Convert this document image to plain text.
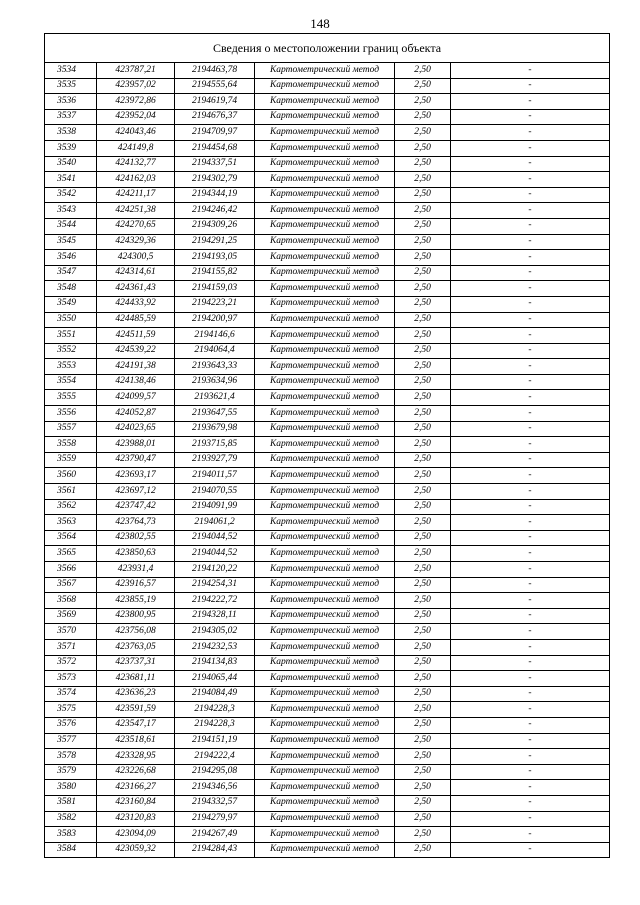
148
Сведения о местоположении границ объекта					
3534	423787,21	2194463,78	Картометрический метод	2,50	-
3535	423957,02	2194555,64	Картометрический метод	2,50	-
3536	423972,86	2194619,74	Картометрический метод	2,50	-
3537	423952,04	2194676,37	Картометрический метод	2,50	-
3538	424043,46	2194709,97	Картометрический метод	2,50	-
3539	424149,8	2194454,68	Картометрический метод	2,50	-
3540	424132,77	2194337,51	Картометрический метод	2,50	-
3541	424162,03	2194302,79	Картометрический метод	2,50	-
3542	424211,17	2194344,19	Картометрический метод	2,50	-
3543	424251,38	2194246,42	Картометрический метод	2,50	-
3544	424270,65	2194309,26	Картометрический метод	2,50	-
3545	424329,36	2194291,25	Картометрический метод	2,50	-
3546	424300,5	2194193,05	Картометрический метод	2,50	-
3547	424314,61	2194155,82	Картометрический метод	2,50	-
3548	424361,43	2194159,03	Картометрический метод	2,50	-
3549	424433,92	2194223,21	Картометрический метод	2,50	-
3550	424485,59	2194200,97	Картометрический метод	2,50	-
3551	424511,59	2194146,6	Картометрический метод	2,50	-
3552	424539,22	2194064,4	Картометрический метод	2,50	-
3553	424191,38	2193643,33	Картометрический метод	2,50	-
3554	424138,46	2193634,96	Картометрический метод	2,50	-
3555	424099,57	2193621,4	Картометрический метод	2,50	-
3556	424052,87	2193647,55	Картометрический метод	2,50	-
3557	424023,65	2193679,98	Картометрический метод	2,50	-
3558	423988,01	2193715,85	Картометрический метод	2,50	-
3559	423790,47	2193927,79	Картометрический метод	2,50	-
3560	423693,17	2194011,57	Картометрический метод	2,50	-
3561	423697,12	2194070,55	Картометрический метод	2,50	-
3562	423747,42	2194091,99	Картометрический метод	2,50	-
3563	423764,73	2194061,2	Картометрический метод	2,50	-
3564	423802,55	2194044,52	Картометрический метод	2,50	-
3565	423850,63	2194044,52	Картометрический метод	2,50	-
3566	423931,4	2194120,22	Картометрический метод	2,50	-
3567	423916,57	2194254,31	Картометрический метод	2,50	-
3568	423855,19	2194222,72	Картометрический метод	2,50	-
3569	423800,95	2194328,11	Картометрический метод	2,50	-
3570	423756,08	2194305,02	Картометрический метод	2,50	-
3571	423763,05	2194232,53	Картометрический метод	2,50	-
3572	423737,31	2194134,83	Картометрический метод	2,50	-
3573	423681,11	2194065,44	Картометрический метод	2,50	-
3574	423636,23	2194084,49	Картометрический метод	2,50	-
3575	423591,59	2194228,3	Картометрический метод	2,50	-
3576	423547,17	2194228,3	Картометрический метод	2,50	-
3577	423518,61	2194151,19	Картометрический метод	2,50	-
3578	423328,95	2194222,4	Картометрический метод	2,50	-
3579	423226,68	2194295,08	Картометрический метод	2,50	-
3580	423166,27	2194346,56	Картометрический метод	2,50	-
3581	423160,84	2194332,57	Картометрический метод	2,50	-
3582	423120,83	2194279,97	Картометрический метод	2,50	-
3583	423094,09	2194267,49	Картометрический метод	2,50	-
3584	423059,32	2194284,43	Картометрический метод	2,50	-
